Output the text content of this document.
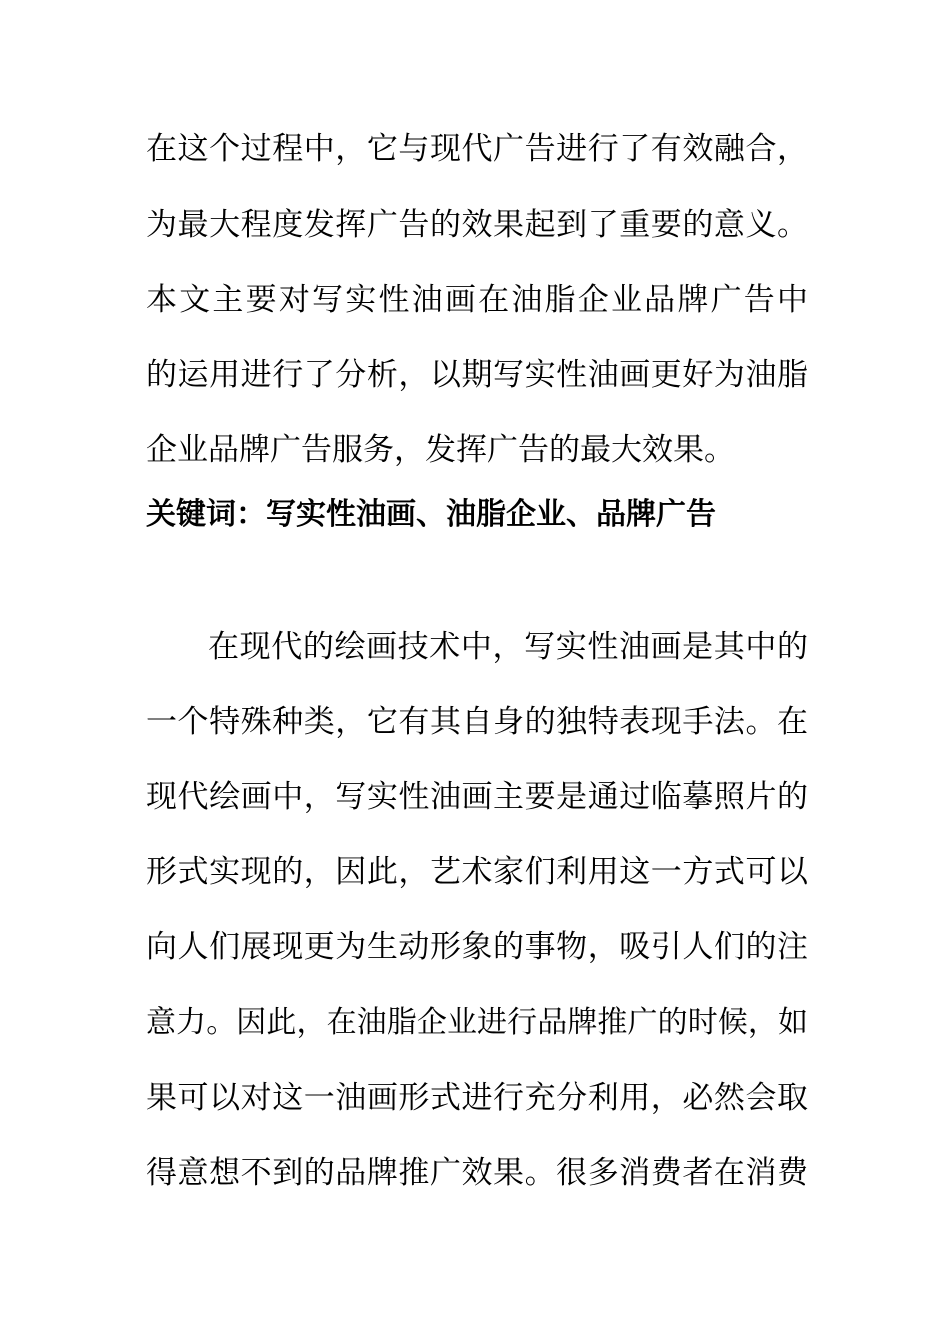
在这个过程中，它与现代广告进行了有效融合，
为最大程度发挥广告的效果起到了重要的意义。
本文主要对写实性油画在油脂企业品牌广告中
的运用进行了分析，以期写实性油画更好为油脂
企业品牌广告服务，发挥广告的最大效果。
关键词：写实性油画、油脂企业、品牌广告
在现代的绘画技术中，写实性油画是其中的
一个特殊种类，它有其自身的独特表现手法。在
现代绘画中，写实性油画主要是通过临摹照片的
形式实现的，因此，艺术家们利用这一方式可以
向人们展现更为生动形象的事物，吸引人们的注
意力。因此，在油脂企业进行品牌推广的时候，如
果可以对这一油画形式进行充分利用，必然会取
得意想不到的品牌推广效果。很多消费者在消费
